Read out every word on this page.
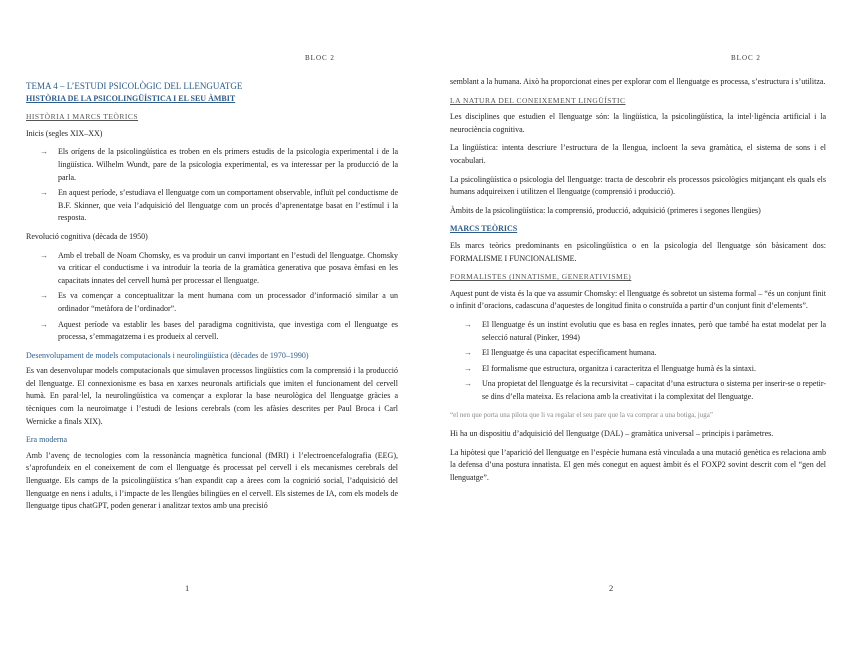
BLOC 2

TEMA 4 – L’ESTUDI PSICOLÒGIC DEL LLENGUATGE

HISTÒRIA DE LA PSICOLINGÜÍSTICA I EL SEU ÀMBIT

HISTÒRIA I MARCS TEÒRICS

Inicis (segles XIX–XX)

→ Els orígens de la psicolingüística es troben en els primers estudis de la psicologia experimental i de la lingüística. Wilhelm Wundt, pare de la psicologia experimental, es va interessar per la producció de la parla.
→ En aquest període, s’estudiava el llenguatge com un comportament observable, influït pel conductisme de B.F. Skinner, que veia l’adquisició del llenguatge com un procés d’aprenentatge basat en l’estímul i la resposta.

Revolució cognitiva (dècada de 1950)

→ Amb el treball de Noam Chomsky, es va produir un canvi important en l’estudi del llenguatge. Chomsky va criticar el conductisme i va introduir la teoria de la gramàtica generativa que posava èmfasi en les capacitats innates del cervell humà per processar el llenguatge.
→ Es va començar a conceptualitzar la ment humana com un processador d’informació similar a un ordinador “metàfora de l’ordinador”.
→ Aquest període va establir les bases del paradigma cognitivista, que investiga com el llenguatge es processa, s’emmagatzema i es produeix al cervell.

Desenvolupament de models computacionals i neurolingüística (dècades de 1970–1990)

Es van desenvolupar models computacionals que simulaven processos lingüístics com la comprensió i la producció del llenguatge. El connexionisme es basa en xarxes neuronals artificials que imiten el funcionament del cervell humà. En paral·lel, la neurolingüística va començar a explorar la base neurològica del llenguatge gràcies a tècniques com la neuroimatge i l’estudi de lesions cerebrals (com les afàsies descrites per Paul Broca i Carl Wernicke a finals XIX).

Era moderna

Amb l’avenç de tecnologies com la ressonància magnètica funcional (fMRI) i l’electroencefalografia (EEG), s’aprofundeix en el coneixement de com el llenguatge és processat pel cervell i els mecanismes cerebrals del llenguatge. Els camps de la psicolingüística s’han expandit cap a àrees com la cognició social, l’adquisició del llenguatge en nens i adults, i l’impacte de les llengües bilingües en el cervell. Els sistemes de IA, com els models de llenguatge tipus chatGPT, poden generar i analitzar textos amb una precisió

1
BLOC 2

semblant a la humana. Això ha proporcionat eines per explorar com el llenguatge es processa, s’estructura i s’utilitza.

LA NATURA DEL CONEIXEMENT LINGÜÍSTIC

Les disciplines que estudien el llenguatge són: la lingüística, la psicolingüística, la intel·ligència artificial i la neurociència cognitiva.

La lingüística: intenta descriure l’estructura de la llengua, incloent la seva gramàtica, el sistema de sons i el vocabulari.

La psicolingüística o psicologia del llenguatge: tracta de descobrir els processos psicològics mitjançant els quals els humans adquireixen i utilitzen el llenguatge (comprensió i producció).

Àmbits de la psicolingüística: la comprensió, producció, adquisició (primeres i segones llengües)

MARCS TEÒRICS

Els marcs teòrics predominants en psicolingüística o en la psicologia del llenguatge són bàsicament dos: FORMALISME I FUNCIONALISME.

FORMALISTES (INNATISME, GENERATIVISME)

Aquest punt de vista és la que va assumir Chomsky: el llenguatge és sobretot un sistema formal – “és un conjunt finit o infinit d’oracions, cadascuna d’aquestes de longitud finita o construïda a partir d’un conjunt finit d’elements”.

→ El llenguatge és un instint evolutiu que es basa en regles innates, però que també ha estat modelat per la selecció natural (Pinker, 1994)
→ El llenguatge és una capacitat específicament humana.
→ El formalisme que estructura, organitza i caracteritza el llenguatge humà és la sintaxi.
→ Una propietat del llenguatge és la recursivitat – capacitat d’una estructura o sistema per inserir-se o repetir-se dins d’ella mateixa. Es relaciona amb la creativitat i la complexitat del llenguatge.

“el nen que porta una pilota que li va regalar el seu pare que la va comprar a una botiga, juga”

Hi ha un dispositiu d’adquisició del llenguatge (DAL) – gramàtica universal – principis i paràmetres.

La hipòtesi que l’aparició del llenguatge en l’espècie humana està vinculada a una mutació genètica es relaciona amb la defensa d’una postura innatista. El gen més conegut en aquest àmbit és el FOXP2 sovint descrit com el “gen del llenguatge”.

2
